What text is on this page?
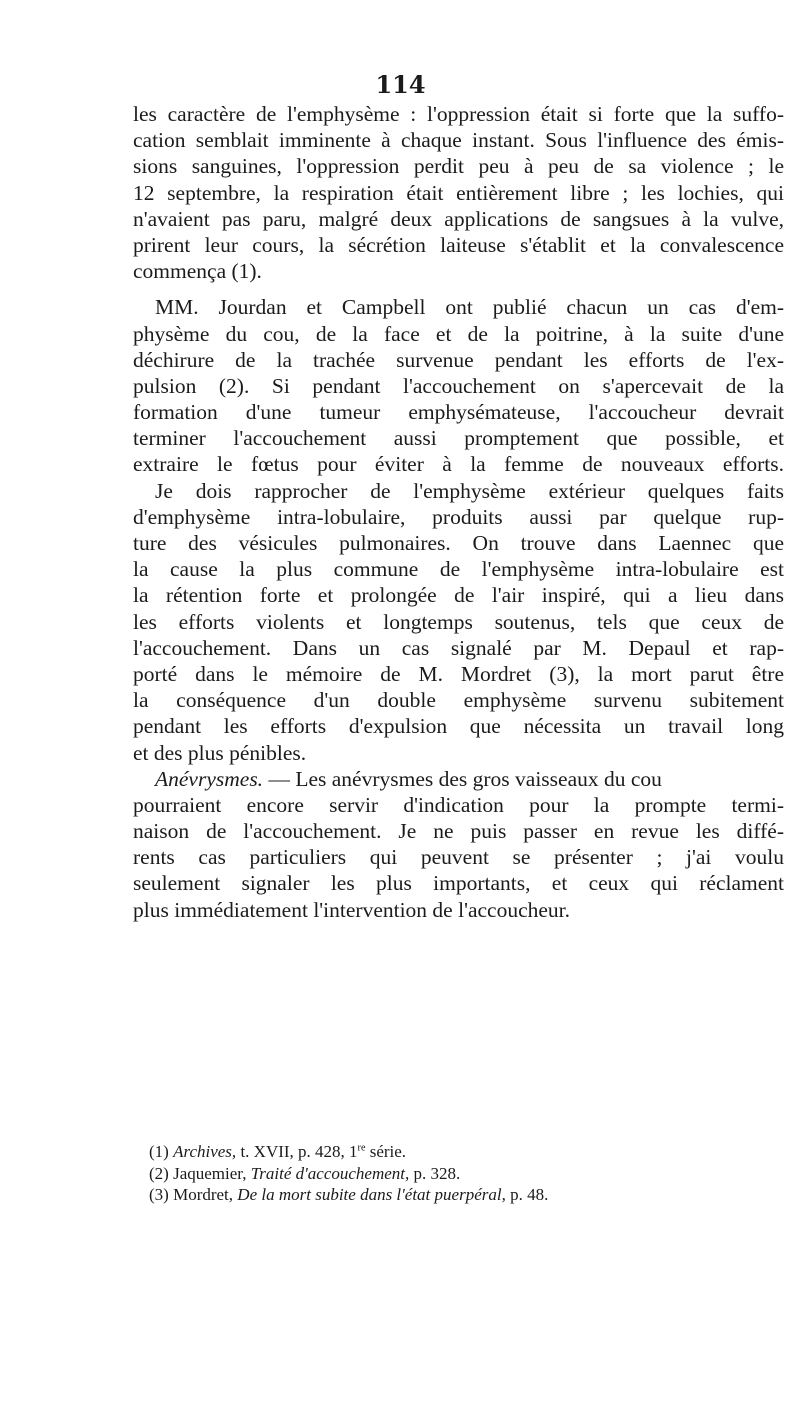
114
les caractère de l'emphysème : l'oppression était si forte que la suffo-
cation semblait imminente à chaque instant. Sous l'influence des émis-
sions sanguines, l'oppression perdit peu à peu de sa violence ; le
12 septembre, la respiration était entièrement libre ; les lochies, qui
n'avaient pas paru, malgré deux applications de sangsues à la vulve,
prirent leur cours, la sécrétion laiteuse s'établit et la convalescence
commença (1).
MM. Jourdan et Campbell ont publié chacun un cas d'em-
physème du cou, de la face et de la poitrine, à la suite d'une
déchirure de la trachée survenue pendant les efforts de l'ex-
pulsion (2). Si pendant l'accouchement on s'apercevait de la
formation d'une tumeur emphysémateuse, l'accoucheur devrait
terminer l'accouchement aussi promptement que possible, et
extraire le fœtus pour éviter à la femme de nouveaux efforts.
Je dois rapprocher de l'emphysème extérieur quelques faits
d'emphysème intra-lobulaire, produits aussi par quelque rup-
ture des vésicules pulmonaires. On trouve dans Laennec que
la cause la plus commune de l'emphysème intra-lobulaire est
la rétention forte et prolongée de l'air inspiré, qui a lieu dans
les efforts violents et longtemps soutenus, tels que ceux de
l'accouchement. Dans un cas signalé par M. Depaul et rap-
porté dans le mémoire de M. Mordret (3), la mort parut être
la conséquence d'un double emphysème survenu subitement
pendant les efforts d'expulsion que nécessita un travail long
et des plus pénibles.
Anévrysmes. — Les anévrysmes des gros vaisseaux du cou
pourraient encore servir d'indication pour la prompte termi-
naison de l'accouchement. Je ne puis passer en revue les diffé-
rents cas particuliers qui peuvent se présenter ; j'ai voulu
seulement signaler les plus importants, et ceux qui réclament
plus immédiatement l'intervention de l'accoucheur.
(1) Archives, t. XVII, p. 428, 1re série.
(2) Jaquemier, Traité d'accouchement, p. 328.
(3) Mordret, De la mort subite dans l'état puerpéral, p. 48.
